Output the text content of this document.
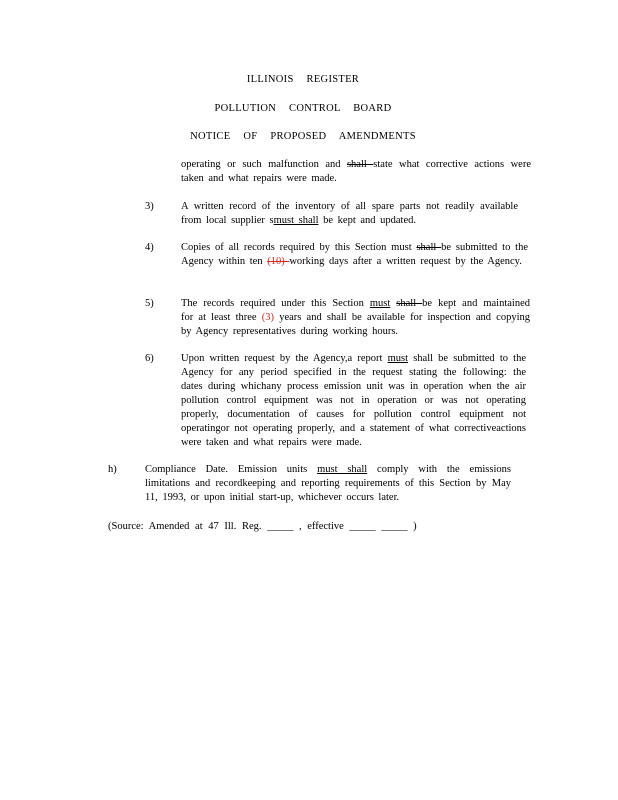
ILLINOIS REGISTER
POLLUTION CONTROL BOARD
NOTICE OF PROPOSED AMENDMENTS
operating or such malfunction and shall state what corrective actions were taken and what repairs were made.
3)	A written record of the inventory of all spare parts not readily available from local supplier smust shall be kept and updated.
4)	Copies of all records required by this Section must shall be submitted to the Agency within ten (10) working days after a written request by the Agency.
5)	The records required under this Section must shall be kept and maintained for at least three (3) years and shall be available for inspection and copying by Agency representatives during working hours.
6)	Upon written request by the Agency,a report must shall be submitted to the Agency for any period specified in the request stating the following: the dates during whichany process emission unit was in operation when the air pollution control equipment was not in operation or was not operating properly, documentation of causes for pollution control equipment not operatingor not operating properly, and a statement of what correctiveactions were taken and what repairs were made.
h)	Compliance Date. Emission units must shall comply with the emissions limitations and recordkeeping and reporting requirements of this Section by May 11, 1993, or upon initial start-up, whichever occurs later.
(Source: Amended at 47 Ill. Reg. _____ , effective _____ _____ )
